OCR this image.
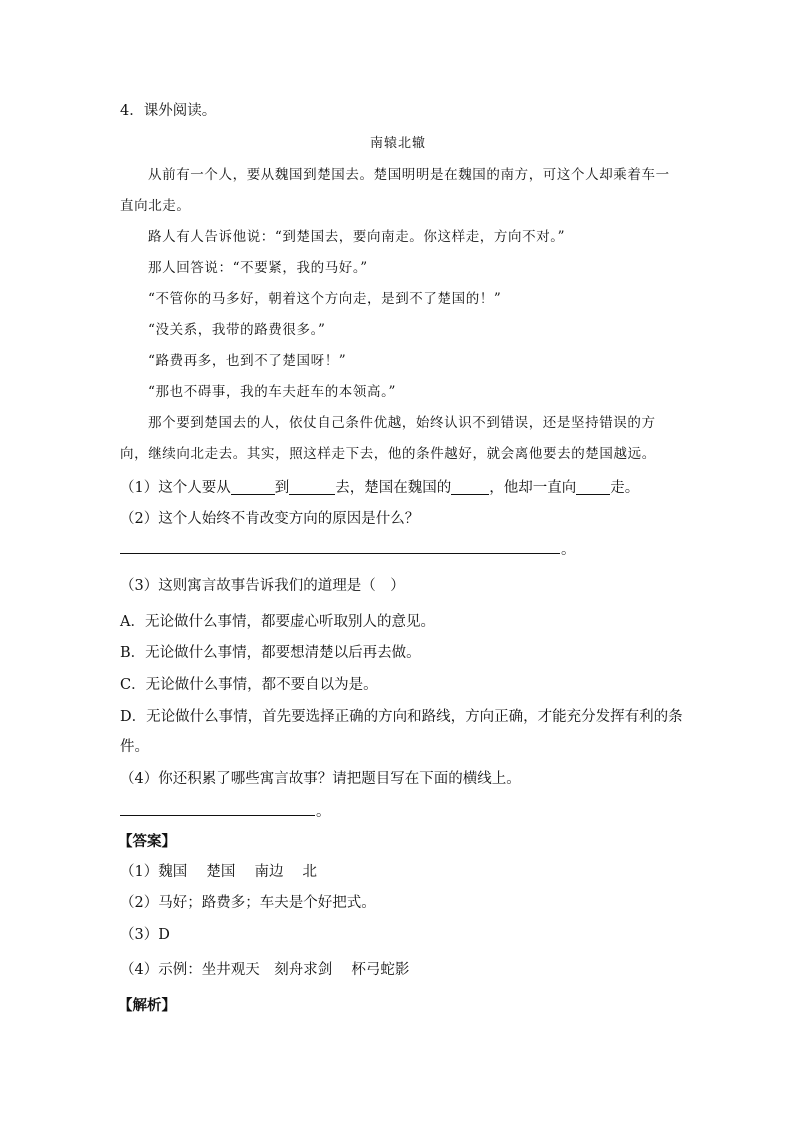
4．课外阅读。
南辕北辙
从前有一个人，要从魏国到楚国去。楚国明明是在魏国的南方，可这个人却乘着车一
直向北走。
路人有人告诉他说：“到楚国去，要向南走。你这样走，方向不对。”
那人回答说：“不要紧，我的马好。”
“不管你的马多好，朝着这个方向走，是到不了楚国的！”
“没关系，我带的路费很多。”
“路费再多，也到不了楚国呀！”
“那也不碍事，我的车夫赶车的本领高。”
那个要到楚国去的人，依仗自己条件优越，始终认识不到错误，还是坚持错误的方
向，继续向北走去。其实，照这样走下去，他的条件越好，就会离他要去的楚国越远。
（1）这个人要从	到	去，楚国在魏国的	，他却一直向 走。
（2）这个人始终不肯改变方向的原因是什么？
。
（3）这则寓言故事告诉我们的道理是（　）
A．无论做什么事情，都要虚心听取别人的意见。
B．无论做什么事情，都要想清楚以后再去做。
C．无论做什么事情，都不要自以为是。
D．无论做什么事情，首先要选择正确的方向和路线，方向正确，才能充分发挥有利的条
件。
（4）你还积累了哪些寓言故事？请把题目写在下面的横线上。
。
【答案】
（1）魏国　 楚国　 南边　 北
（2）马好；路费多；车夫是个好把式。
（3）D
（4）示例：坐井观天　刻舟求剑　 杯弓蛇影
【解析】
